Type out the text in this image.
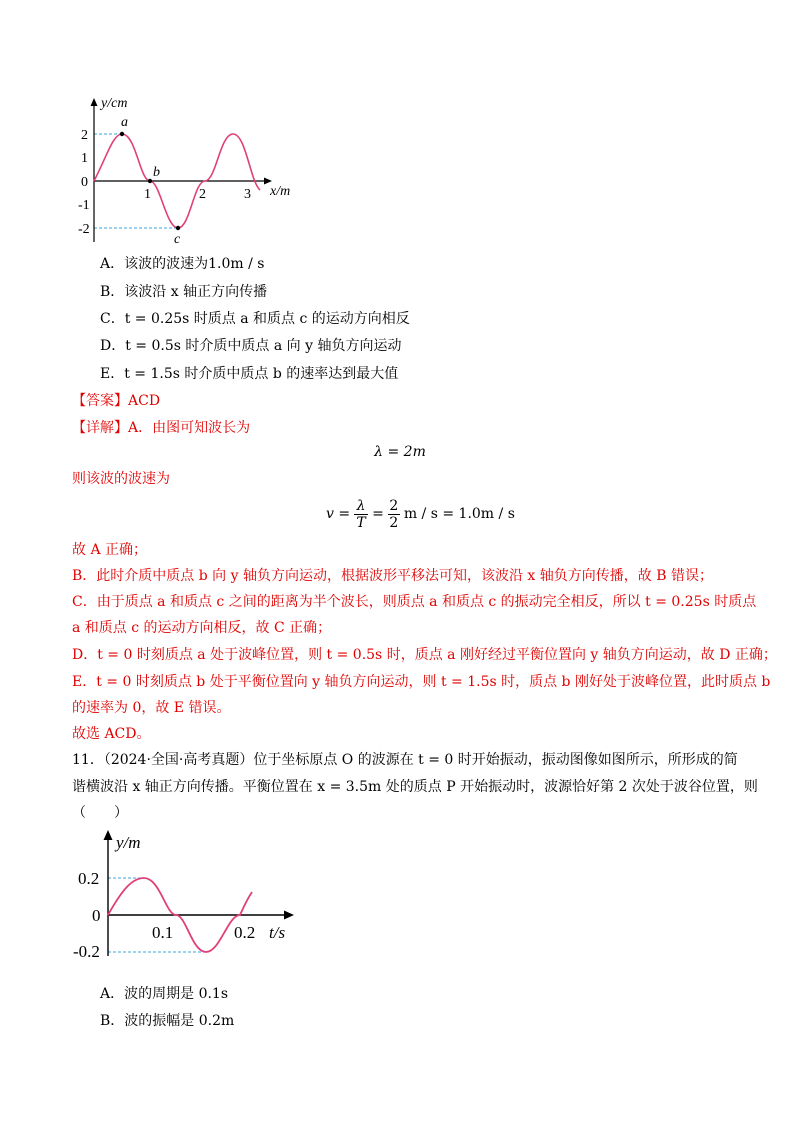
y/cm
x/m
2
1
0
-1
-2
1	2	3
a
b
c
A．该波的波速为1.0m / s
B．该波沿 x 轴正方向传播
C．t = 0.25s 时质点 a 和质点 c 的运动方向相反
D．t = 0.5s 时介质中质点 a 向 y 轴负方向运动
E．t = 1.5s 时介质中质点 b 的速率达到最大值
【答案】ACD
【详解】A．由图可知波长为
λ = 2m
则该波的波速为
v =
λ
T
=
2
2
m / s = 1.0m / s
故 A 正确；
B．此时介质中质点 b 向 y 轴负方向运动，根据波形平移法可知，该波沿 x 轴负方向传播，故 B 错误；
C．由于质点 a 和质点 c 之间的距离为半个波长，则质点 a 和质点 c 的振动完全相反，所以 t = 0.25s 时质点
a 和质点 c 的运动方向相反，故 C 正确；
D．t = 0 时刻质点 a 处于波峰位置，则 t = 0.5s 时，质点 a 刚好经过平衡位置向 y 轴负方向运动，故 D 正确；
E．t = 0 时刻质点 b 处于平衡位置向 y 轴负方向运动，则 t = 1.5s 时，质点 b 刚好处于波峰位置，此时质点 b
的速率为 0，故 E 错误。
故选 ACD。
11．（2024·全国·高考真题）位于坐标原点 O 的波源在 t = 0 时开始振动，振动图像如图所示，所形成的简
谐横波沿 x 轴正方向传播。平衡位置在 x = 3.5m 处的质点 P 开始振动时，波源恰好第 2 次处于波谷位置，则
（　　）
y/m
t/s
0.2
0
-0.2
0.1	0.2
A．波的周期是 0.1s
B．波的振幅是 0.2m
